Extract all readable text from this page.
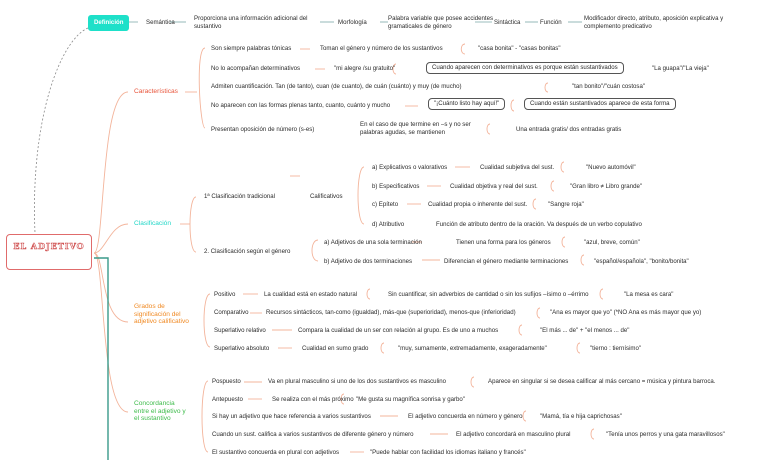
EL ADJETIVO
Definición	Semántica
Proporciona una información adicional del sustantivo	Morfología
Palabra variable que posee accidentes gramaticales de género	Sintáctica	Función
Modificador directo, atributo, aposición explicativa y complemento predicativo
Características
Son siempre palabras tónicas	Toman el género y número de los sustantivos	"casa bonita" - "casas bonitas"
No lo acompañan determinativos	"mi alegre /su gratuito"	Cuando aparecen con determinativos es porque están sustantivados	"La guapa"/"La vieja"
Admiten cuantificación. Tan (de tanto), cuan (de cuanto), de cuán (cuánto) y muy (de mucho)	"tan bonito"/"cuán costosa"
No aparecen con las formas plenas tanto, cuanto, cuánto y mucho	"¡Cuánto listo hay aquí!"	Cuando están sustantivados aparece de esta forma
Presentan oposición de número (s-es)
En el caso de que termine en –s y no ser palabras agudas, se mantienen	Una entrada gratis/ dos entradas gratis
Clasificación
1ª Clasificación tradicional	Calificativos
a) Explicativos o valorativos	Cualidad subjetiva del sust.	"Nuevo automóvil"
b) Especificativos	Cualidad objetiva y real del sust.	"Gran libro ≠ Libro grande"
c) Epíteto	Cualidad propia o inherente del sust.	"Sangre roja"
d) Atributivo	Función de atributo dentro de la oración. Va después de un verbo copulativo
2. Clasificación según el género
a) Adjetivos de una sola terminación	Tienen una forma para los géneros	"azul, breve, común"
b) Adjetivo de dos terminaciones	Diferencian el género mediante terminaciones	"español/española", "bonito/bonita"
Grados de significación del adjetivo calificativo
Positivo	La cualidad está en estado natural	Sin cuantificar, sin adverbios de cantidad o sin los sufijos –ísimo o –érrimo	"La mesa es cara"
Comparativo	Recursos sintácticos, tan-como (igualdad), más-que (superioridad), menos-que (inferioridad)	"Ana es mayor que yo" (*NO Ana es más mayor que yo)
Superlativo relativo	Compara la cualidad de un ser con relación al grupo. Es de uno a muchos	"El más ... de" + "el menos ... de"
Superlativo absoluto	Cualidad en sumo grado	"muy, sumamente, extremadamente, exageradamente"	"tierno : tiernísimo"
Concordancia entre el adjetivo y el sustantivo
Pospuesto	Va en plural masculino si uno de los dos sustantivos es masculino	Aparece en singular si se desea calificar al más cercano = música y pintura barroca.
Antepuesto	Se realiza con el más próximo "Me gusta su magnífica sonrisa y garbo"
Si hay un adjetivo que hace referencia a varios sustantivos	El adjetivo concuerda en número y género	"Mamá, tía e hija caprichosas"
Cuando un sust. califica a varios sustantivos de diferente género y número	El adjetivo concordará en masculino plural	"Tenía unos perros y una gata maravillosos"
El sustantivo concuerda en plural con adjetivos	"Puede hablar con facilidad los idiomas italiano y francés"
